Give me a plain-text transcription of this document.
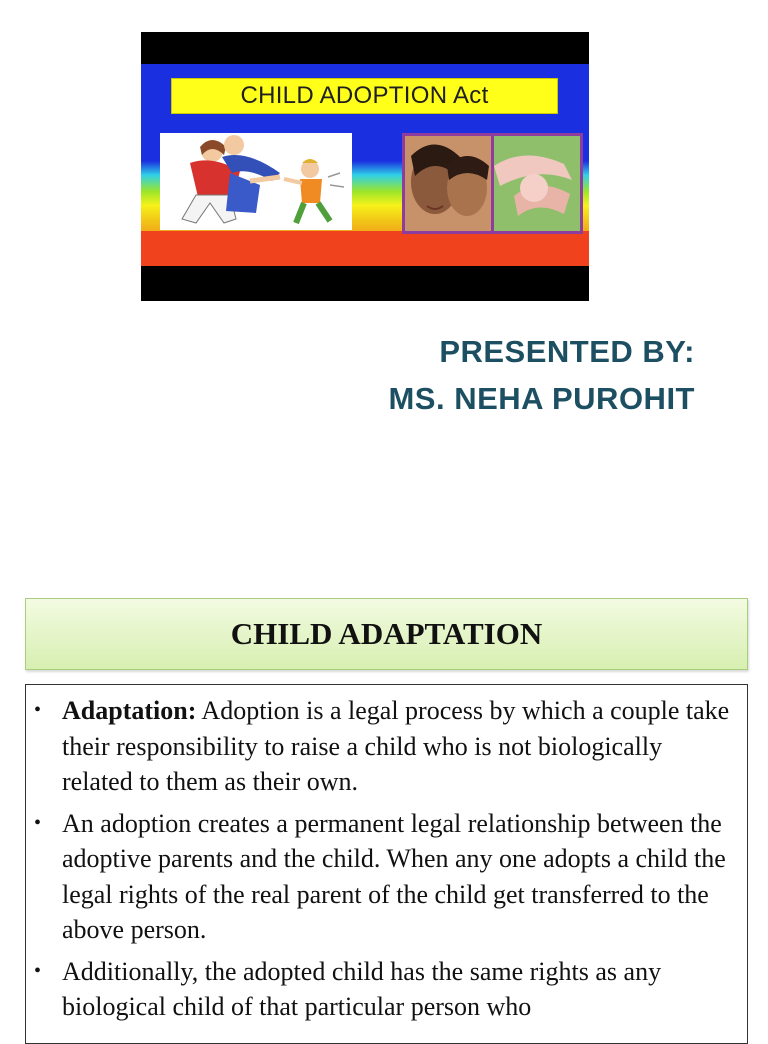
CHILD ADOPTION Act
PRESENTED BY:
MS. NEHA PUROHIT
CHILD ADAPTATION
• Adaptation: Adoption is a legal process by which a couple take their responsibility to raise a child who is not biologically related to them as their own.
• An adoption creates a permanent legal relationship between the adoptive parents and the child. When any one adopts a child the legal rights of the real parent of the child get transferred to the above person.
• Additionally, the adopted child has the same rights as any biological child of that particular person who
